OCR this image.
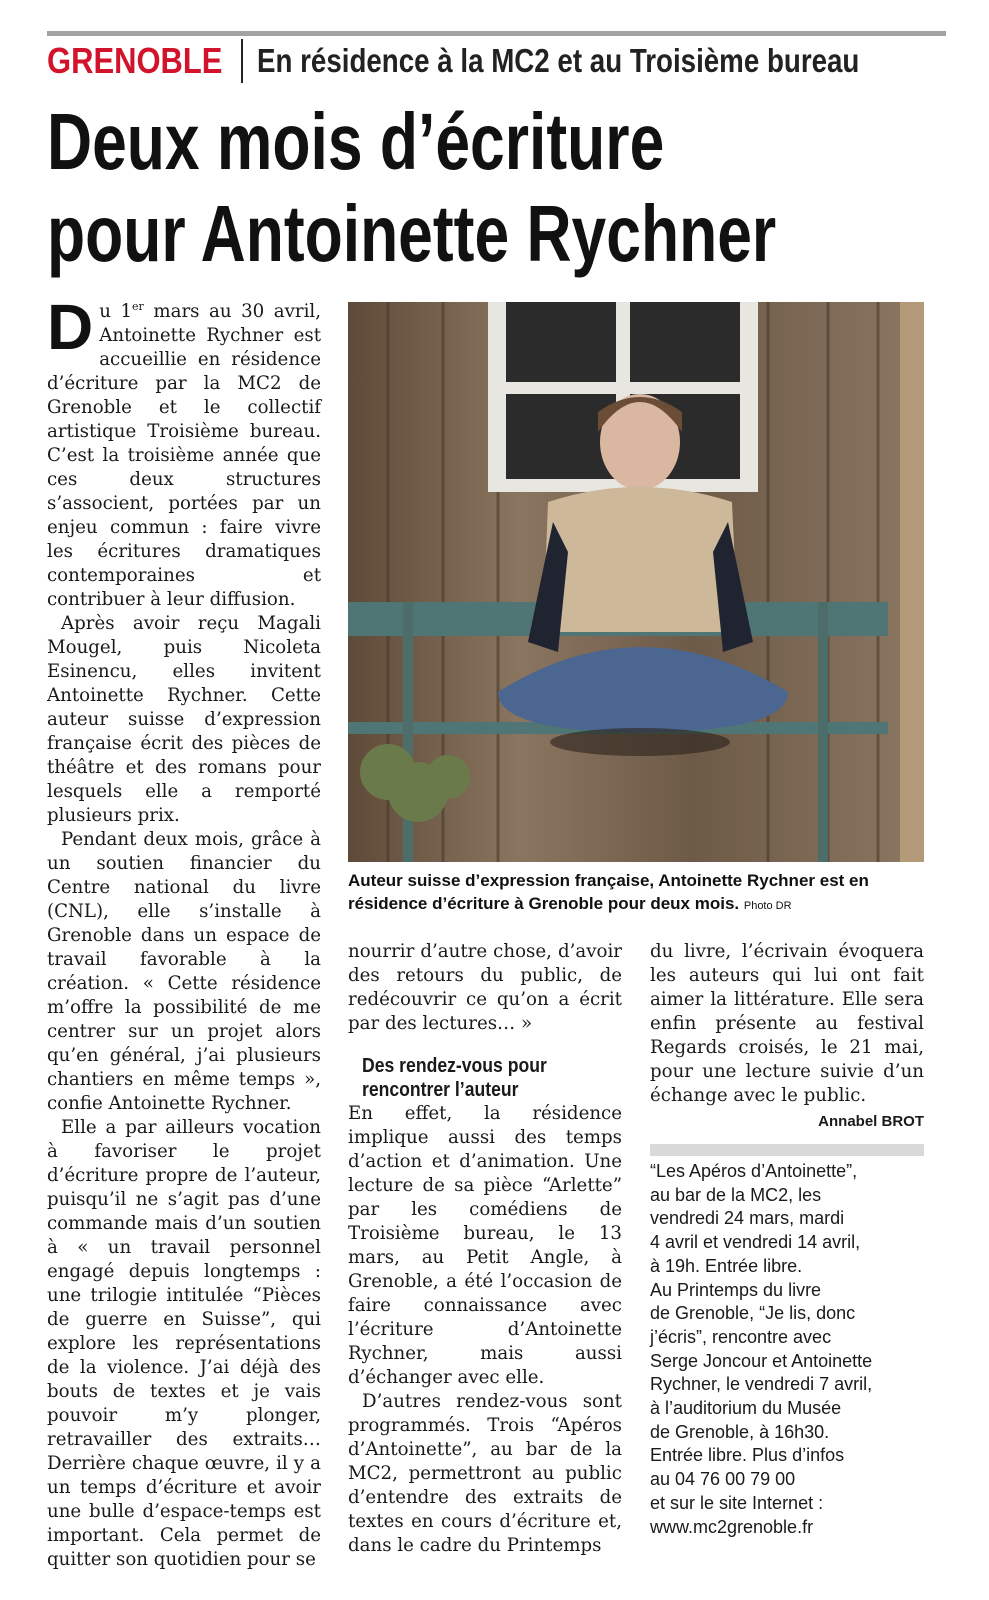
GRENOBLE En résidence à la MC2 et au Troisième bureau
Deux mois d’écriture
pour Antoinette Rychner

Du 1er mars au 30 avril, Antoinette Rychner est accueillie en résidence d’écriture par la MC2 de Grenoble et le collectif artistique Troisième bureau. C’est la troisième année que ces deux structures s’associent, portées par un enjeu commun : faire vivre les écritures dramatiques contemporaines et contribuer à leur diffusion.

Après avoir reçu Magali Mougel, puis Nicoleta Esinencu, elles invitent Antoinette Rychner. Cette auteur suisse d’expression française écrit des pièces de théâtre et des romans pour lesquels elle a remporté plusieurs prix.

Pendant deux mois, grâce à un soutien financier du Centre national du livre (CNL), elle s’installe à Grenoble dans un espace de travail favorable à la création. « Cette résidence m’offre la possibilité de me centrer sur un projet alors qu’en général, j’ai plusieurs chantiers en même temps », confie Antoinette Rychner.

Elle a par ailleurs vocation à favoriser le projet d’écriture propre de l’auteur, puisqu’il ne s’agit pas d’une commande mais d’un soutien à « un travail personnel engagé depuis longtemps : une trilogie intitulée “Pièces de guerre en Suisse”, qui explore les représentations de la violence. J’ai déjà des bouts de textes et je vais pouvoir m’y plonger, retravailler des extraits… Derrière chaque œuvre, il y a un temps d’écriture et avoir une bulle d’espace-temps est important. Cela permet de quitter son quotidien pour se

Auteur suisse d’expression française, Antoinette Rychner est en résidence d’écriture à Grenoble pour deux mois. Photo DR

nourrir d’autre chose, d’avoir des retours du public, de redécouvrir ce qu’on a écrit par des lectures… »

Des rendez-vous pour
rencontrer l’auteur

En effet, la résidence implique aussi des temps d’action et d’animation. Une lecture de sa pièce “Arlette” par les comédiens de Troisième bureau, le 13 mars, au Petit Angle, à Grenoble, a été l’occasion de faire connaissance avec l’écriture d’Antoinette Rychner, mais aussi d’échanger avec elle.

D’autres rendez-vous sont programmés. Trois “Apéros d’Antoinette”, au bar de la MC2, permettront au public d’entendre des extraits de textes en cours d’écriture et, dans le cadre du Printemps

du livre, l’écrivain évoquera les auteurs qui lui ont fait aimer la littérature. Elle sera enfin présente au festival Regards croisés, le 21 mai, pour une lecture suivie d’un échange avec le public.

Annabel BROT
“Les Apéros d’Antoinette”,
au bar de la MC2, les
vendredi 24 mars, mardi
4 avril et vendredi 14 avril,
à 19h. Entrée libre.
Au Printemps du livre
de Grenoble, “Je lis, donc
j’écris”, rencontre avec
Serge Joncour et Antoinette
Rychner, le vendredi 7 avril,
à l’auditorium du Musée
de Grenoble, à 16h30.
Entrée libre. Plus d’infos
au 04 76 00 79 00
et sur le site Internet :
www.mc2grenoble.fr
